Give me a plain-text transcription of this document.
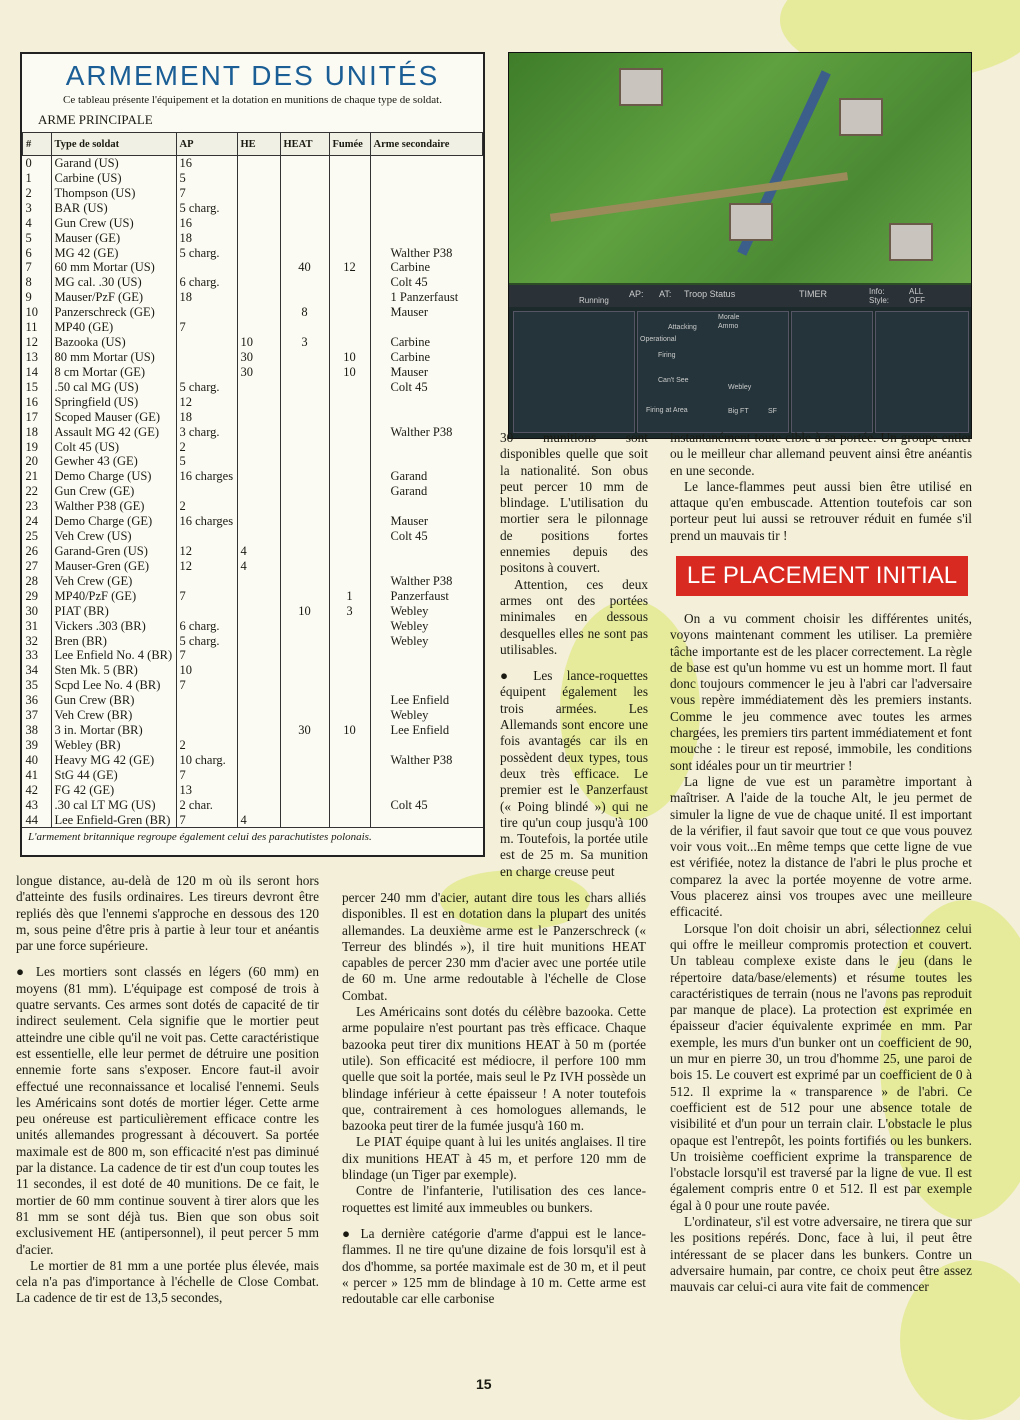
ARMEMENT DES UNITÉS
Ce tableau présente l'équipement et la dotation en munitions de chaque type de soldat.
ARME PRINCIPALE
#	Type de soldat	AP	HE	HEAT	Fumée	Arme secondaire
0	Garand (US)	16				
1	Carbine (US)	5				
2	Thompson (US)	7				
3	BAR (US)	5 charg.				
4	Gun Crew (US)	16				
5	Mauser (GE)	18				
6	MG 42 (GE)	5 charg.				Walther P38
7	60 mm Mortar (US)			40	12	Carbine
8	MG cal. .30 (US)	6 charg.				Colt 45
9	Mauser/PzF (GE)	18				1 Panzerfaust
10	Panzerschreck (GE)			8		Mauser
11	MP40 (GE)	7				
12	Bazooka (US)		10	3		Carbine
13	80 mm Mortar (US)		30		10	Carbine
14	8 cm Mortar (GE)		30		10	Mauser
15	.50 cal MG (US)	5 charg.				Colt 45
16	Springfield (US)	12				
17	Scoped Mauser (GE)	18				
18	Assault MG 42 (GE)	3 charg.				Walther P38
19	Colt 45 (US)	2				
20	Gewher 43 (GE)	5				
21	Demo Charge (US)	16 charges				Garand
22	Gun Crew (GE)					Garand
23	Walther P38 (GE)	2				
24	Demo Charge (GE)	16 charges				Mauser
25	Veh Crew (US)					Colt 45
26	Garand-Gren (US)	12	4			
27	Mauser-Gren (GE)	12	4			
28	Veh Crew (GE)					Walther P38
29	MP40/PzF (GE)	7			1	Panzerfaust
30	PIAT (BR)			10	3	Webley
31	Vickers .303 (BR)	6 charg.				Webley
32	Bren (BR)	5 charg.				Webley
33	Lee Enfield No. 4 (BR)	7				
34	Sten Mk. 5 (BR)	10				
35	Scpd Lee No. 4 (BR)	7				
36	Gun Crew (BR)					Lee Enfield
37	Veh Crew (BR)					Webley
38	3 in. Mortar (BR)			30	10	Lee Enfield
39	Webley (BR)	2				
40	Heavy MG 42 (GE)	10 charg.				Walther P38
41	StG 44 (GE)	7				
42	FG 42 (GE)	13				
43	.30 cal LT MG (US)	2 char.				Colt 45
44	Lee Enfield-Gren (BR)	7	4			
L'armement britannique regroupe également celui des parachutistes polonais.
AP: AT: Troop Status	TIMER	Info:
Style:
ALL
OFF
Running
Morale
Ammo
Attacking
Operational
Firing
Can't See
Firing at Area
Webley
Big FT	SF

longue distance, au-delà de 120 m où ils seront hors d'atteinte des fusils ordinaires. Les tireurs devront être repliés dès que l'ennemi s'approche en dessous des 120 m, sous peine d'être pris à partie à leur tour et anéantis par une force supérieure.

● Les mortiers sont classés en légers (60 mm) en moyens (81 mm). L'équipage est composé de trois à quatre servants. Ces armes sont dotés de capacité de tir indirect seulement. Cela signifie que le mortier peut atteindre une cible qu'il ne voit pas. Cette caractéristique est essentielle, elle leur permet de détruire une position ennemie forte sans s'exposer. Encore faut-il avoir effectué une reconnaissance et localisé l'ennemi. Seuls les Américains sont dotés de mortier léger. Cette arme peu onéreuse est particulièrement efficace contre les unités allemandes progressant à découvert. Sa portée maximale est de 800 m, son efficacité n'est pas diminué par la distance. La cadence de tir est d'un coup toutes les 11 secondes, il est doté de 40 munitions. De ce fait, le mortier de 60 mm continue souvent à tirer alors que les 81 mm se sont déjà tus. Bien que son obus soit exclusivement HE (antipersonnel), il peut percer 5 mm d'acier.

Le mortier de 81 mm a une portée plus élevée, mais cela n'a pas d'importance à l'échelle de Close Combat. La cadence de tir est de 13,5 secondes,

30 munitions sont disponibles quelle que soit la nationalité. Son obus peut percer 10 mm de blindage. L'utilisation du mortier sera le pilonnage de positions fortes ennemies depuis des positons à couvert.

Attention, ces deux armes ont des portées minimales en dessous desquelles elles ne sont pas utilisables.

● Les lance-roquettes équipent également les trois armées. Les Allemands sont encore une fois avantagés car ils en possèdent deux types, tous deux très efficace. Le premier est le Panzerfaust (« Poing blindé ») qui ne tire qu'un coup jusqu'à 100 m. Toutefois, la portée utile est de 25 m. Sa munition en charge creuse peut

percer 240 mm d'acier, autant dire tous les chars alliés disponibles. Il est en dotation dans la plupart des unités allemandes. La deuxième arme est le Panzerschreck (« Terreur des blindés »), il tire huit munitions HEAT capables de percer 230 mm d'acier avec une portée utile de 60 m. Une arme redoutable à l'échelle de Close Combat.

Les Américains sont dotés du célèbre bazooka. Cette arme populaire n'est pourtant pas très efficace. Chaque bazooka peut tirer dix munitions HEAT à 50 m (portée utile). Son efficacité est médiocre, il perfore 100 mm quelle que soit la portée, mais seul le Pz IVH possède un blindage inférieur à cette épaisseur ! A noter toutefois que, contrairement à ces homologues allemands, le bazooka peut tirer de la fumée jusqu'à 160 m.

Le PIAT équipe quant à lui les unités anglaises. Il tire dix munitions HEAT à 45 m, et perfore 120 mm de blindage (un Tiger par exemple).

Contre de l'infanterie, l'utilisation des ces lance-roquettes est limité aux immeubles ou bunkers.

● La dernière catégorie d'arme d'appui est le lance-flammes. Il ne tire qu'une dizaine de fois lorsqu'il est à dos d'homme, sa portée maximale est de 30 m, et il peut « percer » 125 mm de blindage à 10 m. Cette arme est redoutable car elle carbonise

instantanément toute cible à sa portée. Un groupe entier ou le meilleur char allemand peuvent ainsi être anéantis en une seconde.

Le lance-flammes peut aussi bien être utilisé en attaque qu'en embuscade. Attention toutefois car son porteur peut lui aussi se retrouver réduit en fumée s'il prend un mauvais tir !

LE PLACEMENT INITIAL

On a vu comment choisir les différentes unités, voyons maintenant comment les utiliser. La première tâche importante est de les placer correctement. La règle de base est qu'un homme vu est un homme mort. Il faut donc toujours commencer le jeu à l'abri car l'adversaire vous repère immédiatement dès les premiers instants. Comme le jeu commence avec toutes les armes chargées, les premiers tirs partent immédiatement et font mouche : le tireur est reposé, immobile, les conditions sont idéales pour un tir meurtrier !

La ligne de vue est un paramètre important à maîtriser. A l'aide de la touche Alt, le jeu permet de simuler la ligne de vue de chaque unité. Il est important de la vérifier, il faut savoir que tout ce que vous pouvez voir vous voit...En même temps que cette ligne de vue est vérifiée, notez la distance de l'abri le plus proche et comparez la avec la portée moyenne de votre arme. Vous placerez ainsi vos troupes avec une meilleure efficacité.

Lorsque l'on doit choisir un abri, sélectionnez celui qui offre le meilleur compromis protection et couvert. Un tableau complexe existe dans le jeu (dans le répertoire data/base/elements) et résume toutes les caractéristiques de terrain (nous ne l'avons pas reproduit par manque de place). La protection est exprimée en épaisseur d'acier équivalente exprimée en mm. Par exemple, les murs d'un bunker ont un coefficient de 90, un mur en pierre 30, un trou d'homme 25, une paroi de bois 15. Le couvert est exprimé par un coefficient de 0 à 512. Il exprime la « transparence » de l'abri. Ce coefficient est de 512 pour une absence totale de visibilité et d'un pour un terrain clair. L'obstacle le plus opaque est l'entrepôt, les points fortifiés ou les bunkers. Un troisième coefficient exprime la transparence de l'obstacle lorsqu'il est traversé par la ligne de vue. Il est également compris entre 0 et 512. Il est par exemple égal à 0 pour une route pavée.

L'ordinateur, s'il est votre adversaire, ne tirera que sur les positions repérés. Donc, face à lui, il peut être intéressant de se placer dans les bunkers. Contre un adversaire humain, par contre, ce choix peut être assez mauvais car celui-ci aura vite fait de commencer

15
